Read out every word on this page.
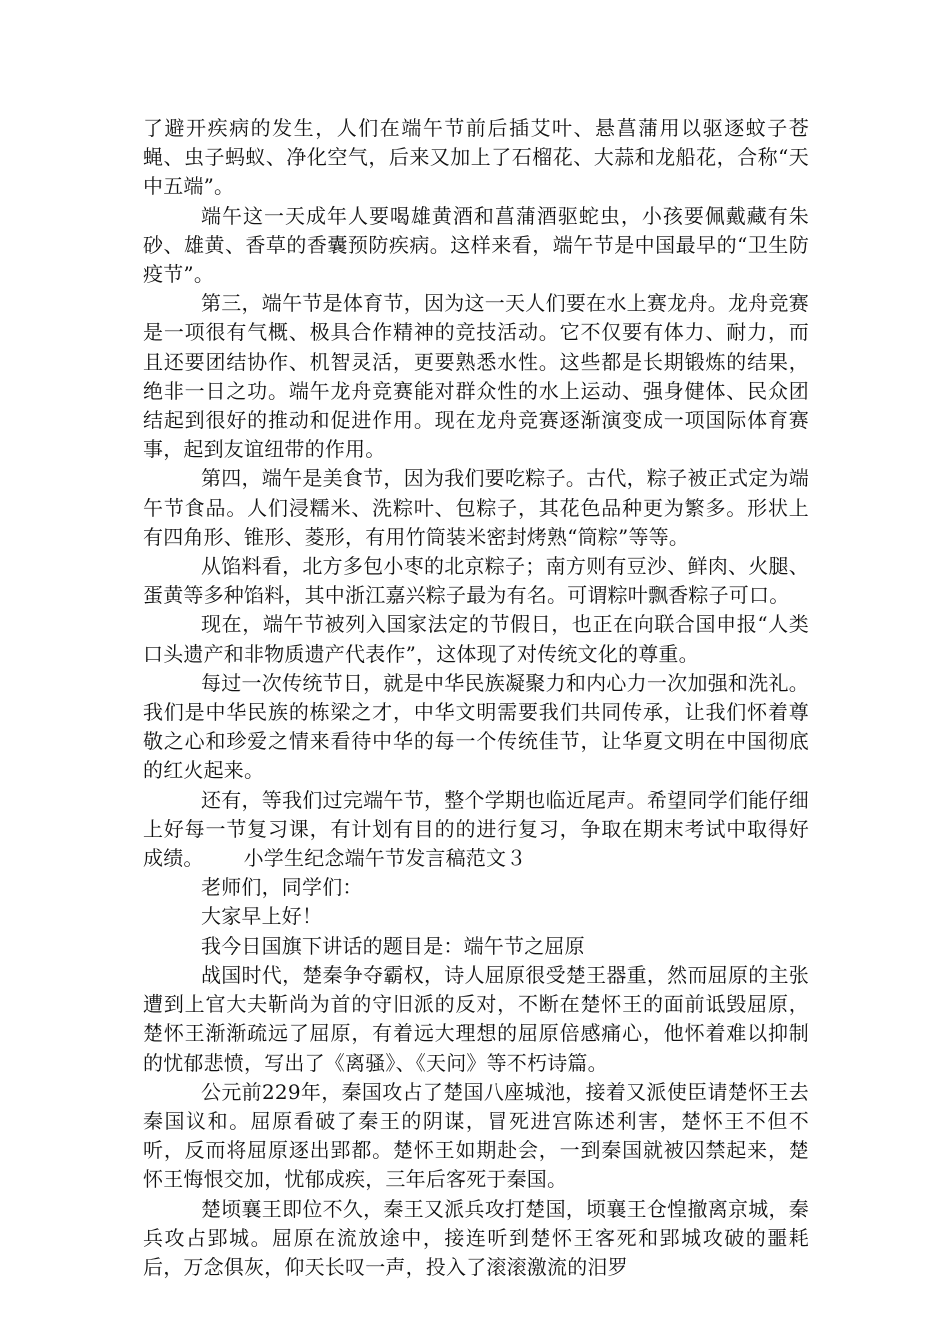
了避开疾病的发生，人们在端午节前后插艾叶、悬菖蒲用以驱逐蚊子苍蝇、虫子蚂蚁、净化空气，后来又加上了石榴花、大蒜和龙船花，合称“天中五端”。

端午这一天成年人要喝雄黄酒和菖蒲酒驱蛇虫，小孩要佩戴藏有朱砂、雄黄、香草的香囊预防疾病。这样来看，端午节是中国最早的“卫生防疫节”。

第三，端午节是体育节，因为这一天人们要在水上赛龙舟。龙舟竞赛是一项很有气概、极具合作精神的竞技活动。它不仅要有体力、耐力，而且还要团结协作、机智灵活，更要熟悉水性。这些都是长期锻炼的结果，绝非一日之功。端午龙舟竞赛能对群众性的水上运动、强身健体、民众团结起到很好的推动和促进作用。现在龙舟竞赛逐渐演变成一项国际体育赛事，起到友谊纽带的作用。

第四，端午是美食节，因为我们要吃粽子。古代，粽子被正式定为端午节食品。人们浸糯米、洗粽叶、包粽子，其花色品种更为繁多。形状上有四角形、锥形、菱形，有用竹筒装米密封烤熟“筒粽”等等。

从馅料看，北方多包小枣的北京粽子；南方则有豆沙、鲜肉、火腿、蛋黄等多种馅料，其中浙江嘉兴粽子最为有名。可谓粽叶飘香粽子可口。

现在，端午节被列入国家法定的节假日，也正在向联合国申报“人类口头遗产和非物质遗产代表作”，这体现了对传统文化的尊重。

每过一次传统节日，就是中华民族凝聚力和内心力一次加强和洗礼。我们是中华民族的栋梁之才，中华文明需要我们共同传承，让我们怀着尊敬之心和珍爱之情来看待中华的每一个传统佳节，让华夏文明在中国彻底的红火起来。

还有，等我们过完端午节，整个学期也临近尾声。希望同学们能仔细上好每一节复习课，有计划有目的的进行复习，争取在期末考试中取得好成绩。 小学生纪念端午节发言稿范文３

老师们，同学们：

大家早上好！

我今日国旗下讲话的题目是：端午节之屈原

战国时代，楚秦争夺霸权，诗人屈原很受楚王器重，然而屈原的主张遭到上官大夫靳尚为首的守旧派的反对，不断在楚怀王的面前诋毁屈原，楚怀王渐渐疏远了屈原，有着远大理想的屈原倍感痛心，他怀着难以抑制的忧郁悲愤，写出了《离骚》、《天问》等不朽诗篇。

公元前229年，秦国攻占了楚国八座城池，接着又派使臣请楚怀王去秦国议和。屈原看破了秦王的阴谋，冒死进宫陈述利害，楚怀王不但不听，反而将屈原逐出郢都。楚怀王如期赴会，一到秦国就被囚禁起来，楚怀王悔恨交加，忧郁成疾，三年后客死于秦国。

楚顷襄王即位不久，秦王又派兵攻打楚国，顷襄王仓惶撤离京城，秦兵攻占郢城。屈原在流放途中，接连听到楚怀王客死和郢城攻破的噩耗后，万念俱灰，仰天长叹一声，投入了滚滚激流的汨罗
